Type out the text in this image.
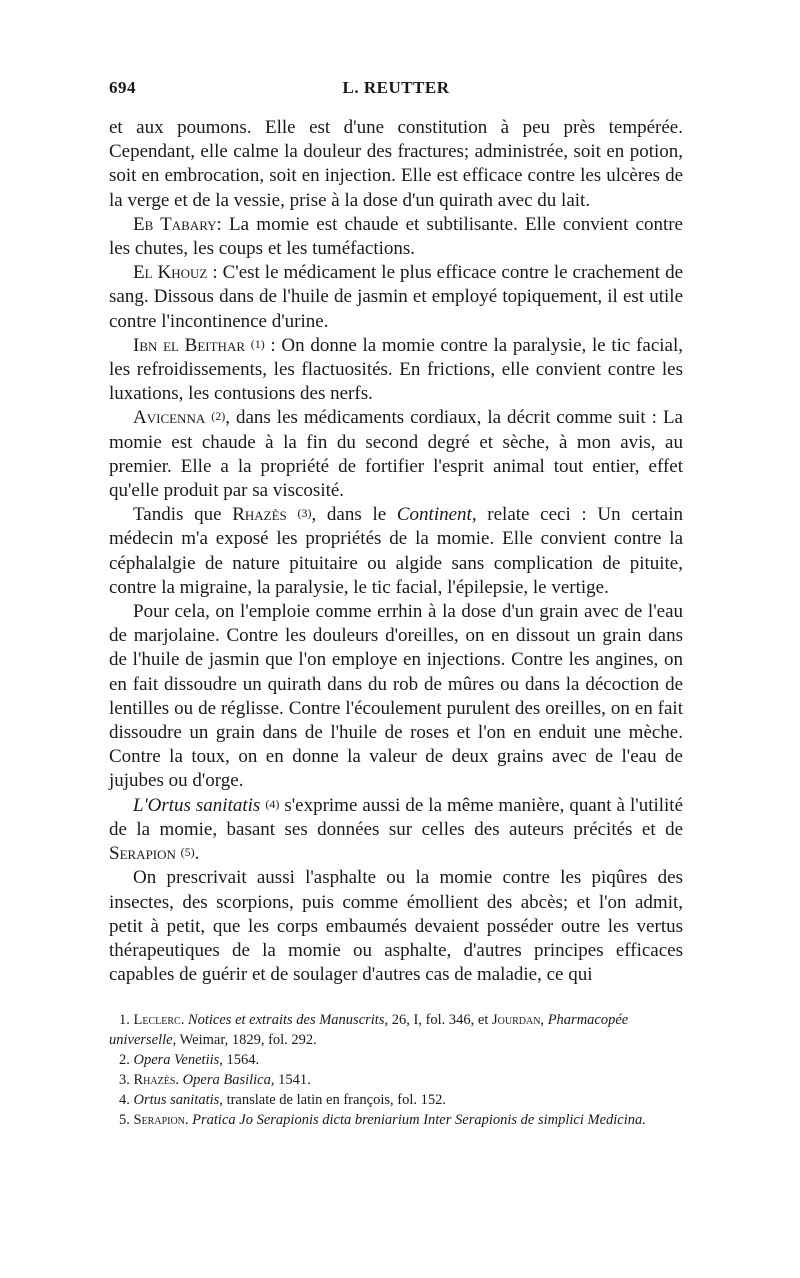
694	L. REUTTER

et aux poumons. Elle est d'une constitution à peu près tempérée. Cependant, elle calme la douleur des fractures; administrée, soit en potion, soit en embrocation, soit en injection. Elle est efficace contre les ulcères de la verge et de la vessie, prise à la dose d'un quirath avec du lait.

Eb Tabary: La momie est chaude et subtilisante. Elle convient contre les chutes, les coups et les tuméfactions.

El Khouz : C'est le médicament le plus efficace contre le crachement de sang. Dissous dans de l'huile de jasmin et employé topiquement, il est utile contre l'incontinence d'urine.

Ibn el Beithar $^{(1)}$ : On donne la momie contre la paralysie, le tic facial, les refroidissements, les flactuosités. En frictions, elle convient contre les luxations, les contusions des nerfs.

Avicenna $^{(2)}$, dans les médicaments cordiaux, la décrit comme suit : La momie est chaude à la fin du second degré et sèche, à mon avis, au premier. Elle a la propriété de fortifier l'esprit animal tout entier, effet qu'elle produit par sa viscosité.

Tandis que Rhazès $^{(3)}$, dans le Continent, relate ceci : Un certain médecin m'a exposé les propriétés de la momie. Elle convient contre la céphalalgie de nature pituitaire ou algide sans complication de pituite, contre la migraine, la paralysie, le tic facial, l'épilepsie, le vertige.

Pour cela, on l'emploie comme errhin à la dose d'un grain avec de l'eau de marjolaine. Contre les douleurs d'oreilles, on en dissout un grain dans de l'huile de jasmin que l'on employe en injections. Contre les angines, on en fait dissoudre un quirath dans du rob de mûres ou dans la décoction de lentilles ou de réglisse. Contre l'écoulement purulent des oreilles, on en fait dissoudre un grain dans de l'huile de roses et l'on en enduit une mèche. Contre la toux, on en donne la valeur de deux grains avec de l'eau de jujubes ou d'orge.

L'Ortus sanitatis $^{(4)}$ s'exprime aussi de la même manière, quant à l'utilité de la momie, basant ses données sur celles des auteurs précités et de Serapion $^{(5)}$.

On prescrivait aussi l'asphalte ou la momie contre les piqûres des insectes, des scorpions, puis comme émollient des abcès; et l'on admit, petit à petit, que les corps embaumés devaient posséder outre les vertus thérapeutiques de la momie ou asphalte, d'autres principes efficaces capables de guérir et de soulager d'autres cas de maladie, ce qui

1. Leclerc. Notices et extraits des Manuscrits, 26, I, fol. 346, et Jourdan, Pharmacopée universelle, Weimar, 1829, fol. 292.

2. Opera Venetiis, 1564.

3. Rhazès. Opera Basilica, 1541.

4. Ortus sanitatis, translate de latin en françois, fol. 152.

5. Serapion. Pratica Jo Serapionis dicta breniarium Inter Serapionis de simplici Medicina.
